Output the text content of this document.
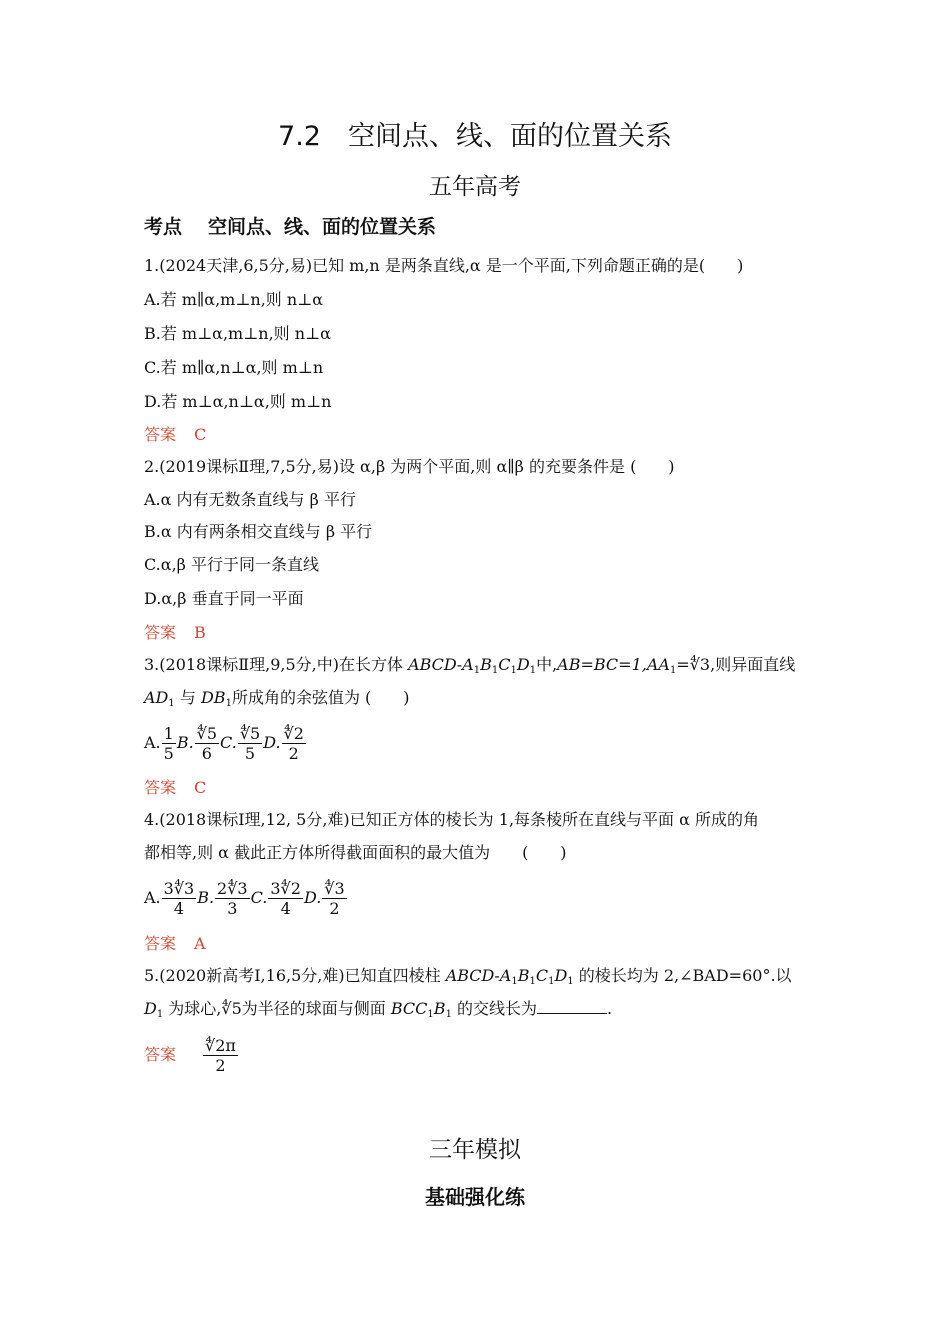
7.2　空间点、线、面的位置关系
五年高考
考点 空间点、线、面的位置关系
1.(2024天津,6,5分,易)已知 m,n 是两条直线,α 是一个平面,下列命题正确的是(　　)
A.若 m∥α,m⊥n,则 n⊥α
B.若 m⊥α,m⊥n,则 n⊥α
C.若 m∥α,n⊥α,则 m⊥n
D.若 m⊥α,n⊥α,则 m⊥n
答案 C
2.(2019课标Ⅱ理,7,5分,易)设 α,β 为两个平面,则 α∥β 的充要条件是 (　　)
A.α 内有无数条直线与 β 平行
B.α 内有两条相交直线与 β 平行
C.α,β 平行于同一条直线
D.α,β 垂直于同一平面
答案 B
3.(2018课标Ⅱ理,9,5分,中)在长方体 ABCD-$A_1B_1C_1D_1$中$,AB=BC=1,AA_1=∜3$,则异面直线
$AD_1$ 与 $DB_1$所成角的余弦值为 (　　)
A. $\frac{1}{5} B$. $\frac{∜5}{6} C$. $\frac{∜5}{5} D$. $\frac{∜2}{2}$
答案 C
4.(2018课标Ⅰ理,12, 5分,难)已知正方体的棱长为 1,每条棱所在直线与平面 α 所成的角
都相等,则 α 截此正方体所得截面面积的最大值为　　(　　)
A. $\frac{3∜3}{4} B$. $\frac{2∜3}{3} C$. $\frac{3∜2}{4} D$. $\frac{∜3}{2}$
答案 A
5.(2020新高考Ⅰ,16,5分,难)已知直四棱柱 ABCD-$A_1B_1C_1D_1$ 的棱长均为 2,∠BAD=60°.以
$D_1$ 为球心,∜5为半径的球面与侧面 $BCC_1B_1$ 的交线长为	.
答案 $\frac{∜2\pi}{2}$
三年模拟
基础强化练
